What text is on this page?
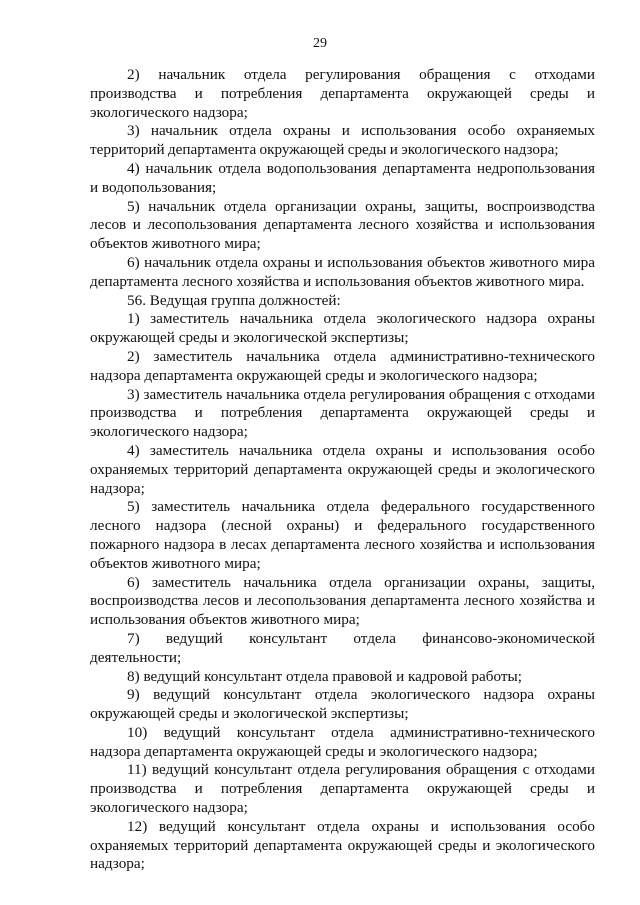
29

2) начальник отдела регулирования обращения с отходами производства и потребления департамента окружающей среды и экологического надзора;

3) начальник отдела охраны и использования особо охраняемых территорий департамента окружающей среды и экологического надзора;

4) начальник отдела водопользования департамента недропользования и водопользования;

5) начальник отдела организации охраны, защиты, воспроизводства лесов и лесопользования департамента лесного хозяйства и использования объектов животного мира;

6) начальник отдела охраны и использования объектов животного мира департамента лесного хозяйства и использования объектов животного мира.

56. Ведущая группа должностей:

1) заместитель начальника отдела экологического надзора охраны окружающей среды и экологической экспертизы;

2) заместитель начальника отдела административно-технического надзора департамента окружающей среды и экологического надзора;

3) заместитель начальника отдела регулирования обращения с отходами производства и потребления департамента окружающей среды и экологического надзора;

4) заместитель начальника отдела охраны и использования особо охраняемых территорий департамента окружающей среды и экологического надзора;

5) заместитель начальника отдела федерального государственного лесного надзора (лесной охраны) и федерального государственного пожарного надзора в лесах департамента лесного хозяйства и использования объектов животного мира;

6) заместитель начальника отдела организации охраны, защиты, воспроизводства лесов и лесопользования департамента лесного хозяйства и использования объектов животного мира;

7) ведущий консультант отдела финансово-экономической деятельности;

8) ведущий консультант отдела правовой и кадровой работы;

9) ведущий консультант отдела экологического надзора охраны окружающей среды и экологической экспертизы;

10) ведущий консультант отдела административно-технического надзора департамента окружающей среды и экологического надзора;

11) ведущий консультант отдела регулирования обращения с отходами производства и потребления департамента окружающей среды и экологического надзора;

12) ведущий консультант отдела охраны и использования особо охраняемых территорий департамента окружающей среды и экологического надзора;
